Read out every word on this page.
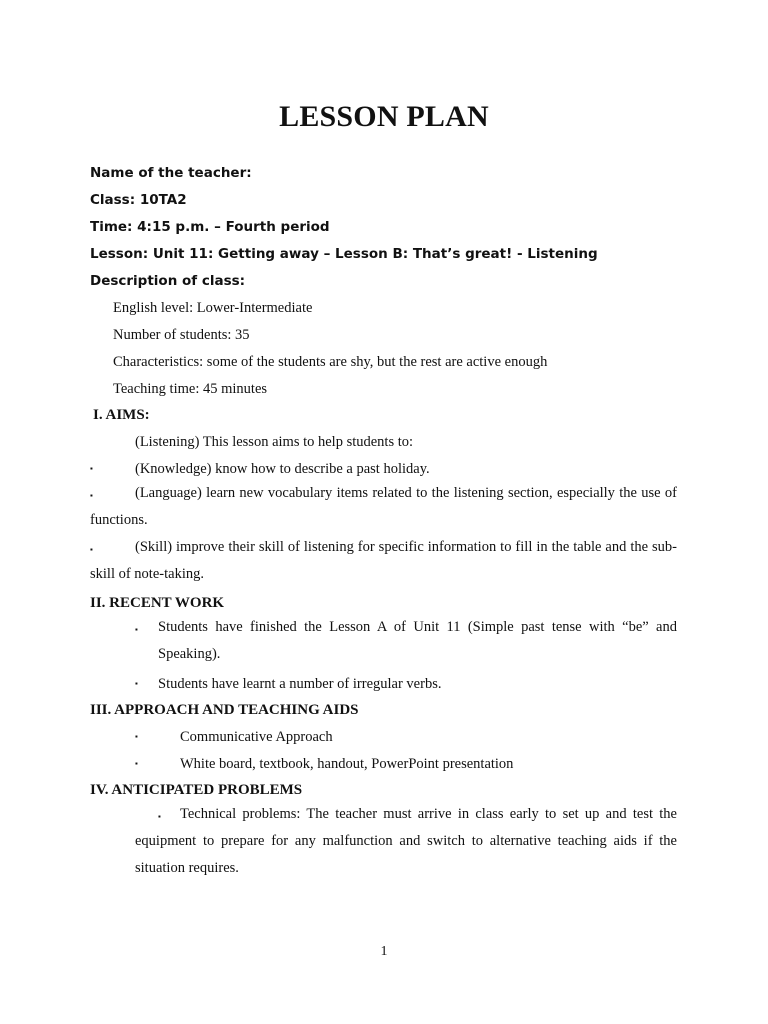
LESSON PLAN
Name of the teacher:
Class: 10TA2
Time: 4:15 p.m. – Fourth period
Lesson: Unit 11: Getting away – Lesson B: That’s great! - Listening
Description of class:
English level: Lower-Intermediate
Number of students: 35
Characteristics: some of the students are shy, but the rest are active enough
Teaching time: 45 minutes
I. AIMS:
(Listening) This lesson aims to help students to:
▪	(Knowledge) know how to describe a past holiday.
▪	(Language) learn new vocabulary items related to the listening section, especially the use of functions.
▪	(Skill) improve their skill of listening for specific information to fill in the table and the sub-skill of note-taking.
II. RECENT WORK
▪ Students have finished the Lesson A of Unit 11 (Simple past tense with “be” and Speaking).
▪ Students have learnt a number of irregular verbs.
III. APPROACH AND TEACHING AIDS
▪	Communicative Approach
▪	White board, textbook, handout, PowerPoint presentation
IV. ANTICIPATED PROBLEMS
▪	Technical problems: The teacher must arrive in class early to set up and test the equipment to prepare for any malfunction and switch to alternative teaching aids if the situation requires.
1
